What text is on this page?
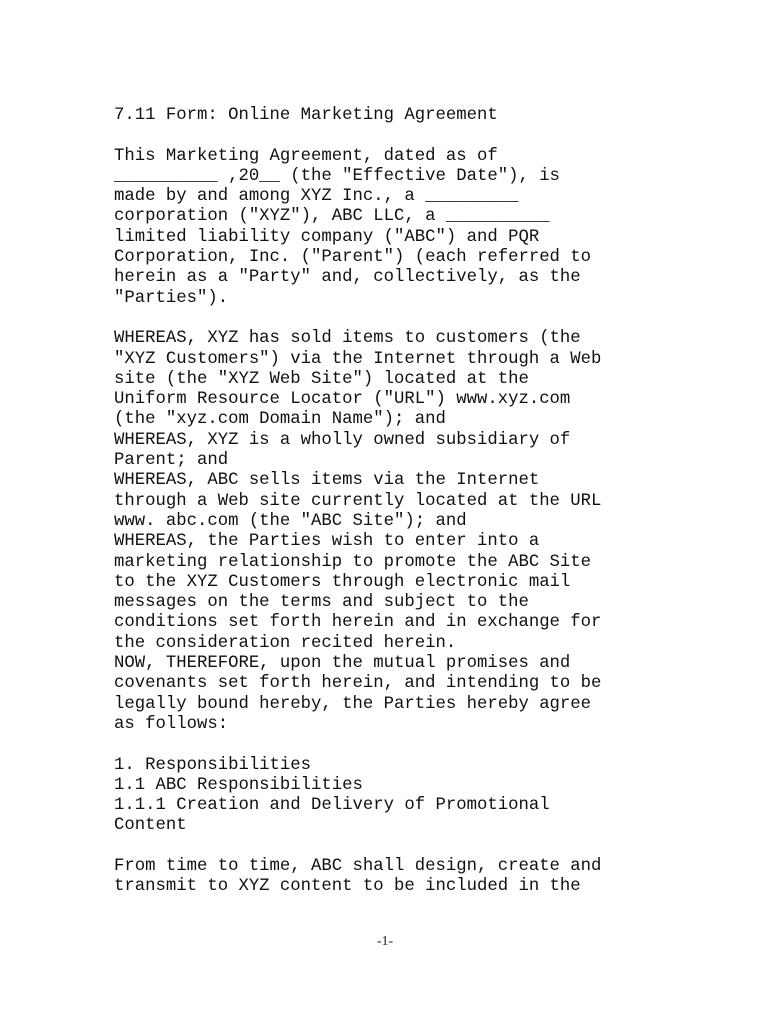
7.11 Form: Online Marketing Agreement
This Marketing Agreement, dated as of
__________ ,20__ (the "Effective Date"), is
made by and among XYZ Inc., a _________
corporation ("XYZ"), ABC LLC, a __________
limited liability company ("ABC") and PQR
Corporation, Inc. ("Parent") (each referred to
herein as a "Party" and, collectively, as the
"Parties").
WHEREAS, XYZ has sold items to customers (the
"XYZ Customers") via the Internet through a Web
site (the "XYZ Web Site") located at the
Uniform Resource Locator ("URL") www.xyz.com
(the "xyz.com Domain Name"); and
WHEREAS, XYZ is a wholly owned subsidiary of
Parent; and
WHEREAS, ABC sells items via the Internet
through a Web site currently located at the URL
www. abc.com (the "ABC Site"); and
WHEREAS, the Parties wish to enter into a
marketing relationship to promote the ABC Site
to the XYZ Customers through electronic mail
messages on the terms and subject to the
conditions set forth herein and in exchange for
the consideration recited herein.
NOW, THEREFORE, upon the mutual promises and
covenants set forth herein, and intending to be
legally bound hereby, the Parties hereby agree
as follows:
1. Responsibilities
1.1 ABC Responsibilities
1.1.1 Creation and Delivery of Promotional
Content
From time to time, ABC shall design, create and
transmit to XYZ content to be included in the
-1-
